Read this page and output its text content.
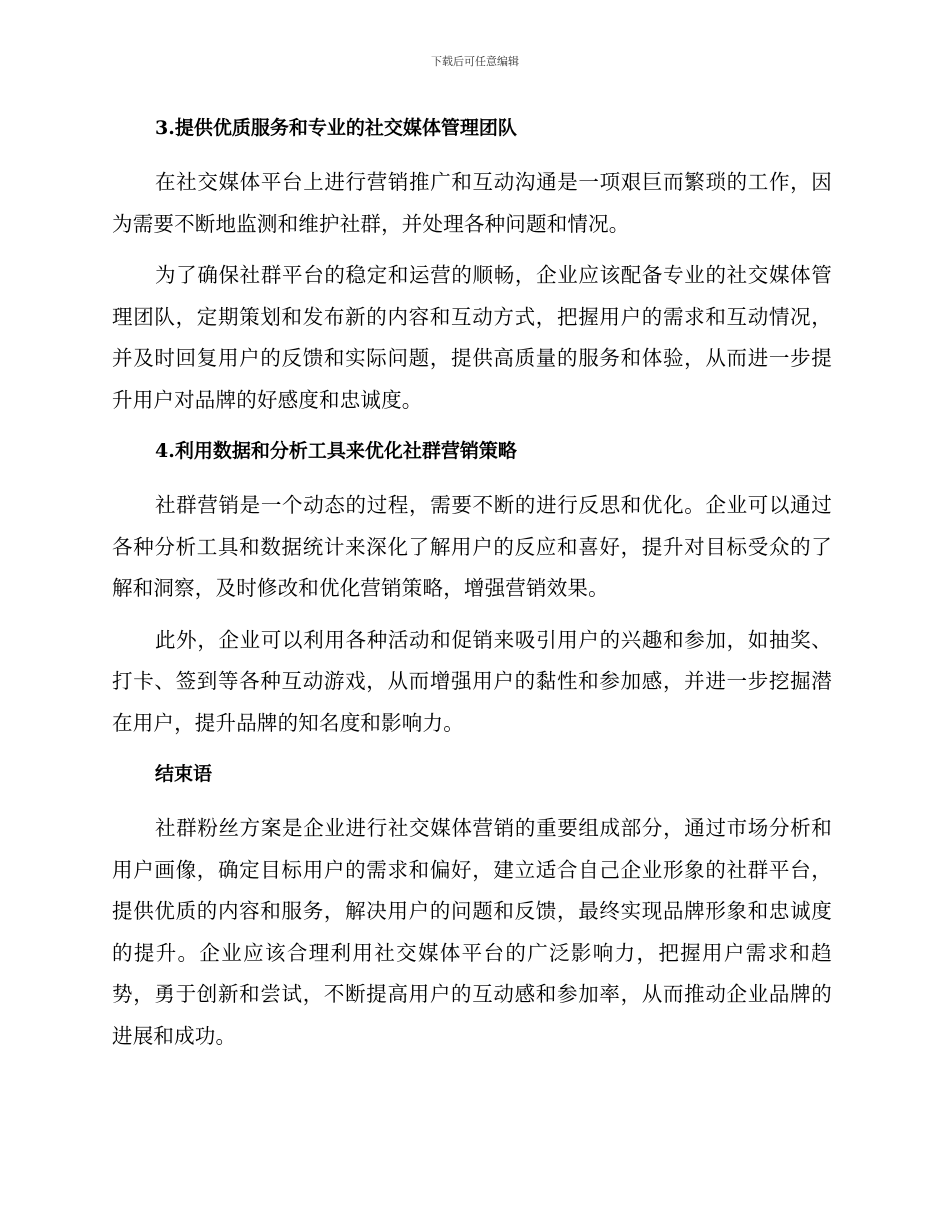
下载后可任意编辑
3.提供优质服务和专业的社交媒体管理团队

在社交媒体平台上进行营销推广和互动沟通是一项艰巨而繁琐的工作，因为需要不断地监测和维护社群，并处理各种问题和情况。

为了确保社群平台的稳定和运营的顺畅，企业应该配备专业的社交媒体管理团队，定期策划和发布新的内容和互动方式，把握用户的需求和互动情况，并及时回复用户的反馈和实际问题，提供高质量的服务和体验，从而进一步提升用户对品牌的好感度和忠诚度。

4.利用数据和分析工具来优化社群营销策略

社群营销是一个动态的过程，需要不断的进行反思和优化。企业可以通过各种分析工具和数据统计来深化了解用户的反应和喜好，提升对目标受众的了解和洞察，及时修改和优化营销策略，增强营销效果。

此外，企业可以利用各种活动和促销来吸引用户的兴趣和参加，如抽奖、打卡、签到等各种互动游戏，从而增强用户的黏性和参加感，并进一步挖掘潜在用户，提升品牌的知名度和影响力。

结束语

社群粉丝方案是企业进行社交媒体营销的重要组成部分，通过市场分析和用户画像，确定目标用户的需求和偏好，建立适合自己企业形象的社群平台，提供优质的内容和服务，解决用户的问题和反馈，最终实现品牌形象和忠诚度的提升。企业应该合理利用社交媒体平台的广泛影响力，把握用户需求和趋势，勇于创新和尝试，不断提高用户的互动感和参加率，从而推动企业品牌的进展和成功。
